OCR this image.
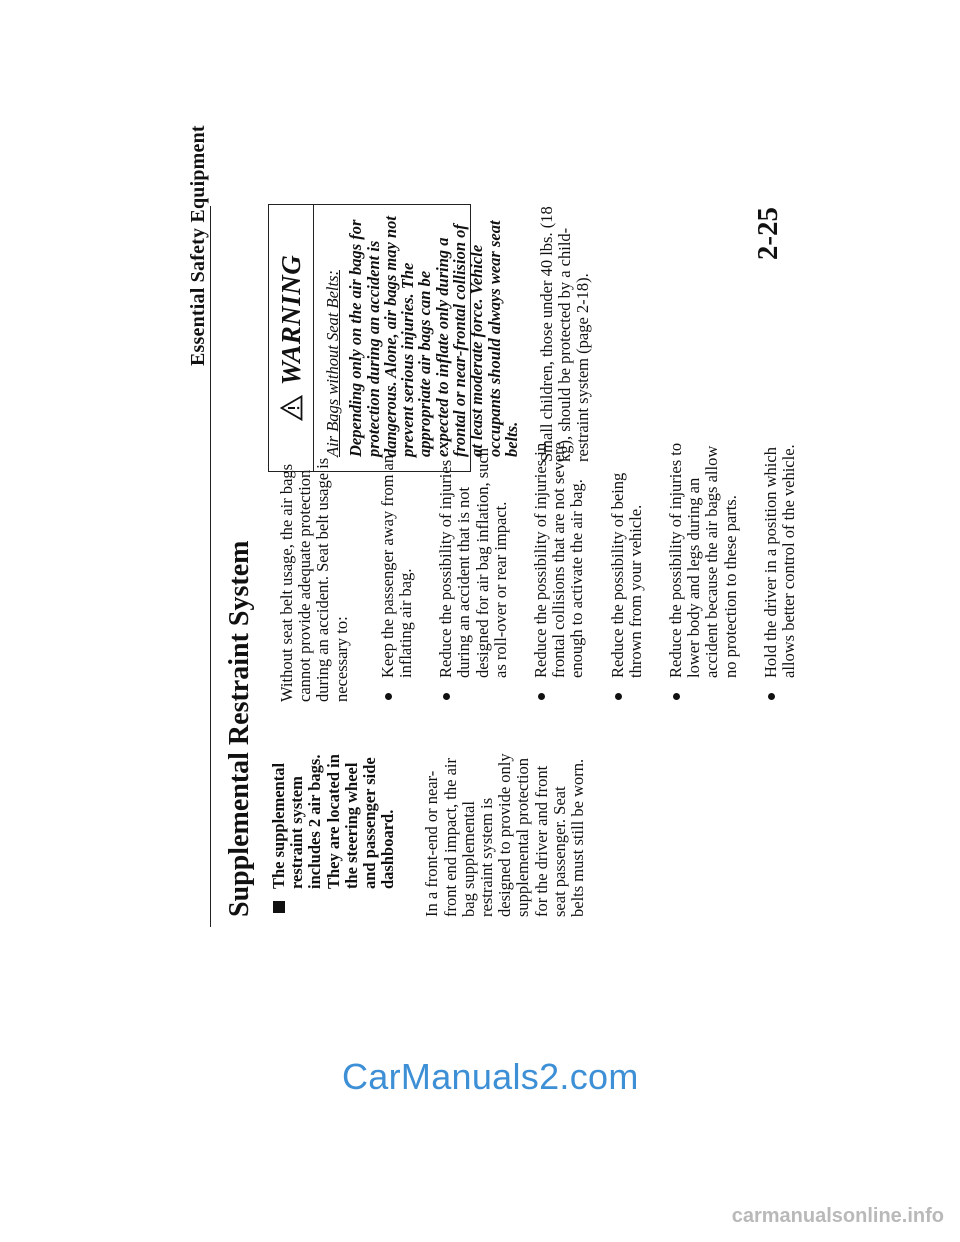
Essential Safety Equipment	2-25
Supplemental Restraint System The supplemental restraint system includes 2 air bags. They are located in the steering wheel and passenger side dashboard. In a front-end or near-front end impact, the air bag supplemental restraint system is designed to provide only supplemental protection for the driver and front seat passenger. Seat belts must still be worn.

Without seat belt usage, the air bags cannot provide adequate protection during an accident. Seat belt usage is necessary to: Keep the passenger away from an inflating air bag. Reduce the possibility of injuries during an accident that is not designed for air bag inflation, such as roll-over or rear impact. Reduce the possibility of injuries in frontal collisions that are not severe enough to activate the air bag. Reduce the possibility of being thrown from your vehicle. Reduce the possibility of injuries to lower body and legs during an accident because the air bags allow no protection to these parts. Hold the driver in a position which allows better control of the vehicle.
WARNING Air Bags without Seat Belts: Depending only on the air bags for protection during an accident is dangerous. Alone, air bags may not prevent serious injuries. The appropriate air bags can be expected to inflate only during a frontal or near-frontal collision of at least moderate force. Vehicle occupants should always wear seat belts. Small children, those under 40 lbs. (18 kg), should be protected by a child-restraint system (page 2-18).
CarManuals2.com
carmanualsonline.info
